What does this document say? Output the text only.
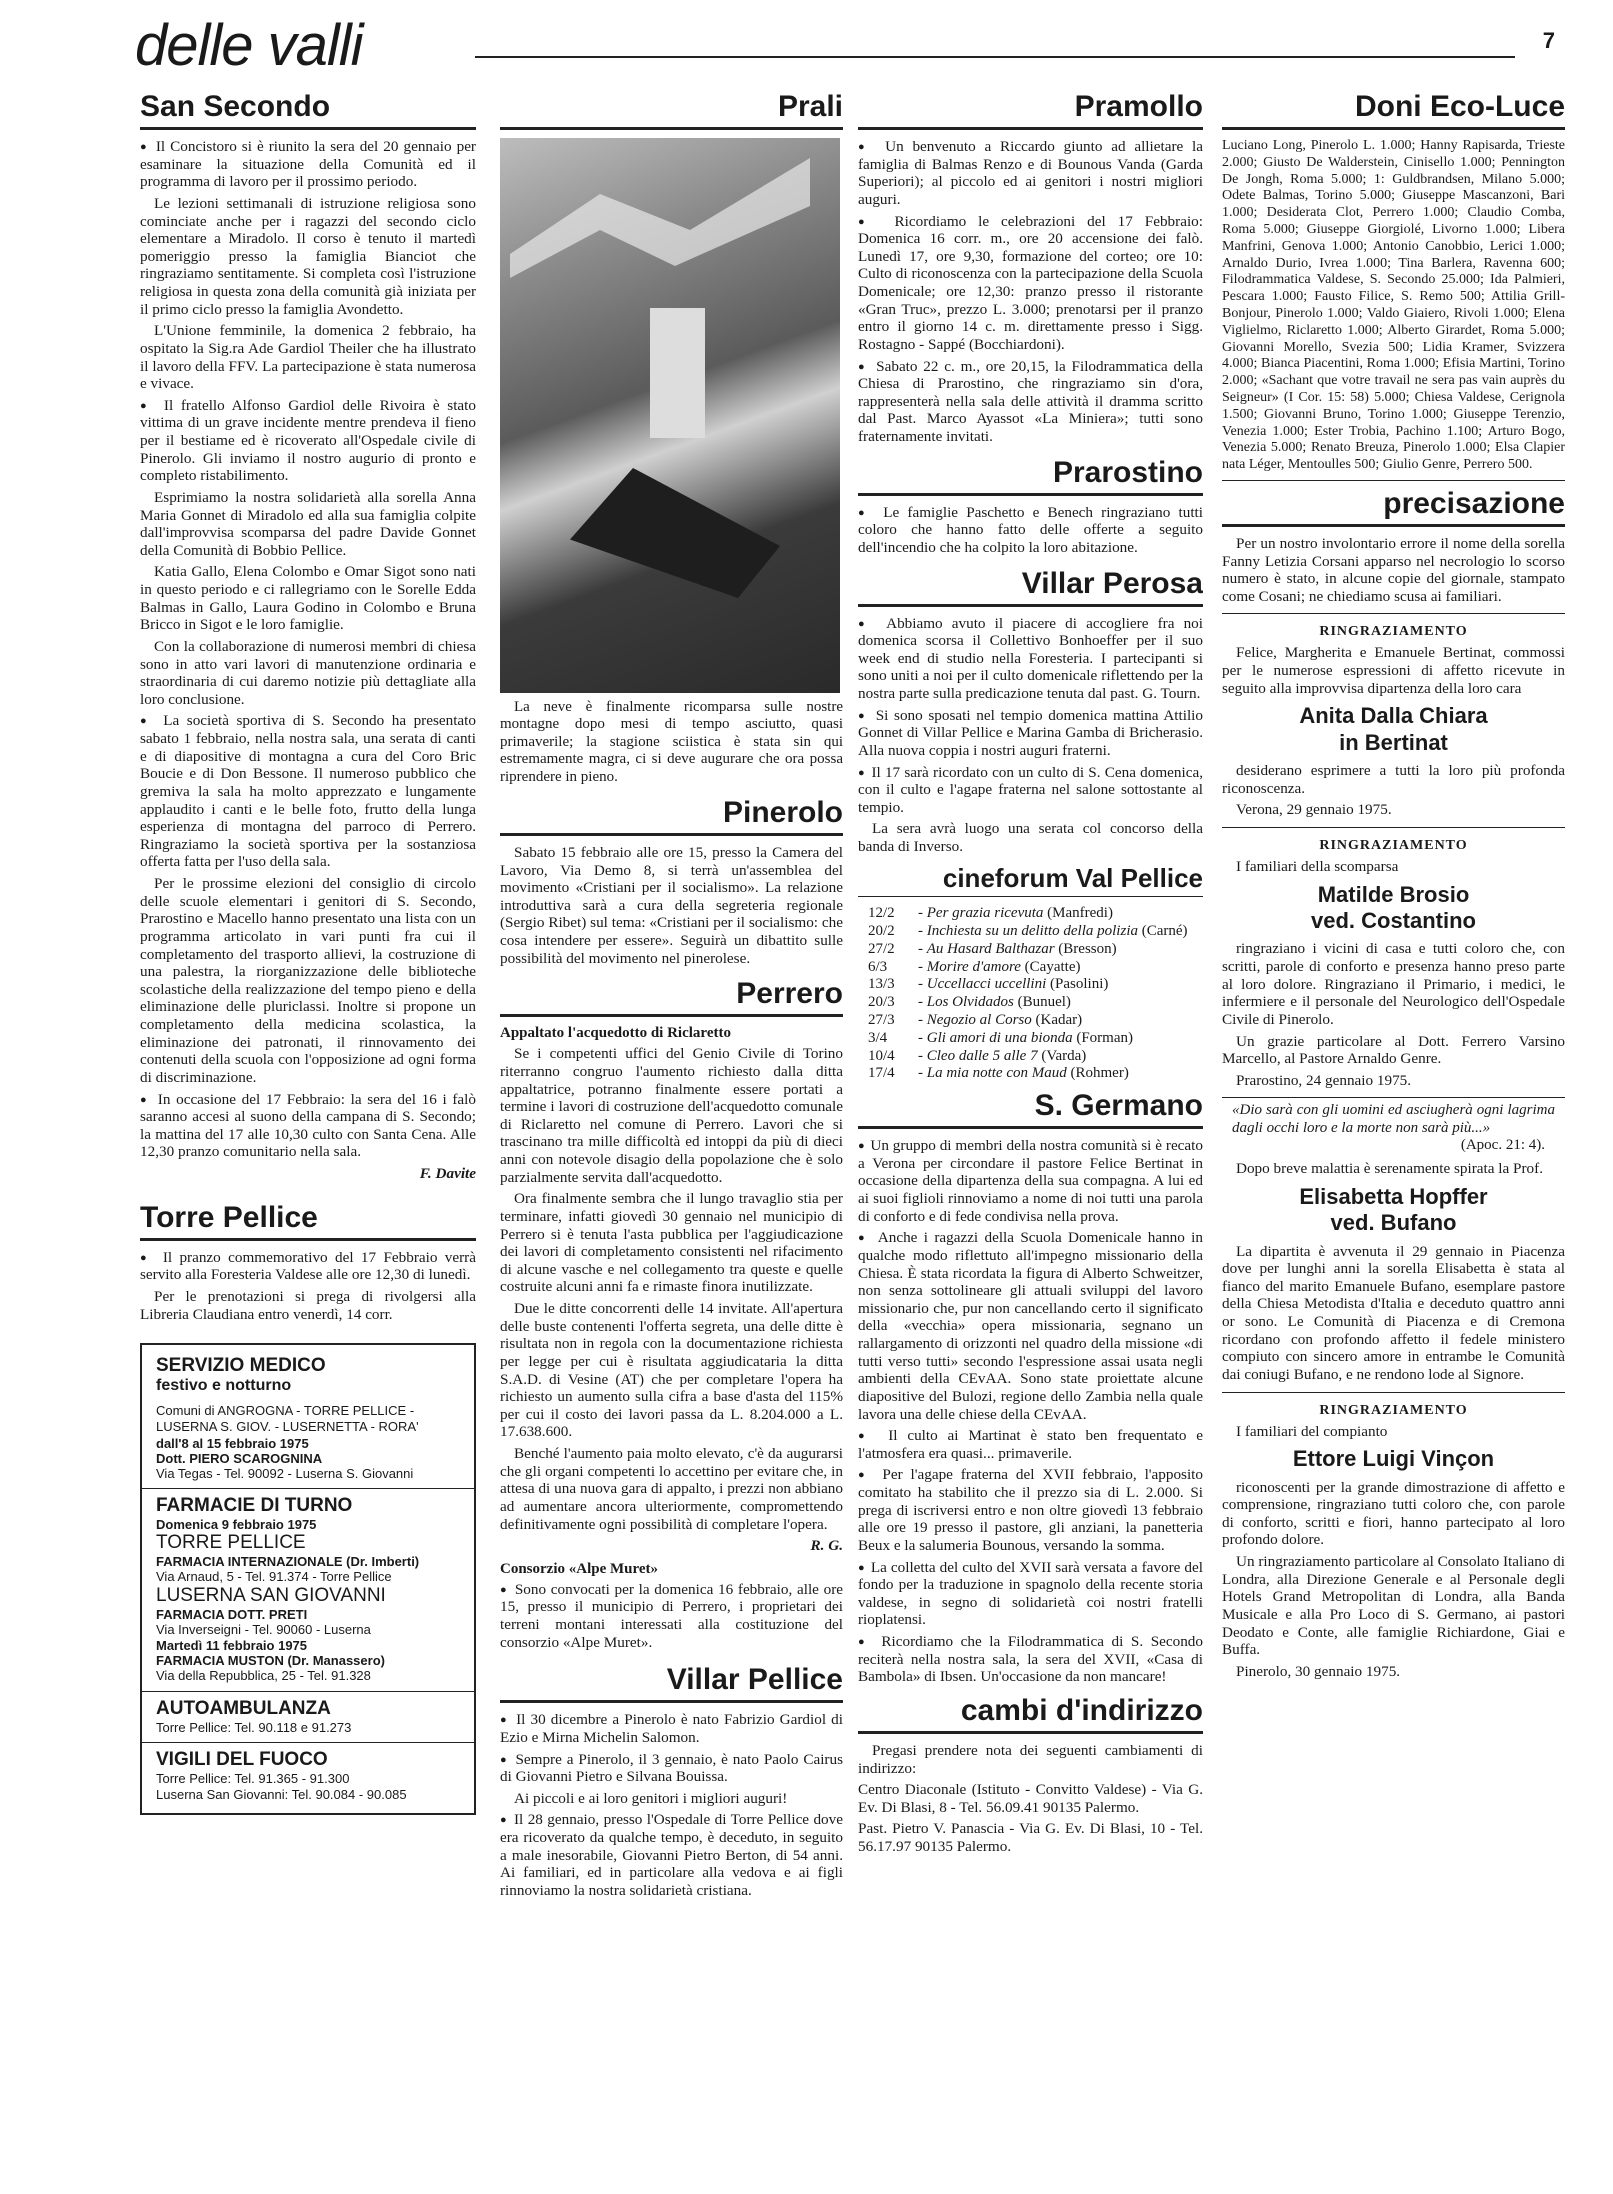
delle valli	7
San Secondo

●  Il Concistoro si è riunito la sera del 20 gennaio per esaminare la situazione della Comunità ed il programma di lavoro per il prossimo periodo.

Le lezioni settimanali di istruzione religiosa sono cominciate anche per i ragazzi del secondo ciclo elementare a Miradolo. Il corso è tenuto il martedì pomeriggio presso la famiglia Bianciot che ringraziamo sentitamente. Si completa così l'istruzione religiosa in questa zona della comunità già iniziata per il primo ciclo presso la famiglia Avondetto.

L'Unione femminile, la domenica 2 febbraio, ha ospitato la Sig.ra Ade Gardiol Theiler che ha illustrato il lavoro della FFV. La partecipazione è stata numerosa e vivace.

●  Il fratello Alfonso Gardiol delle Rivoira è stato vittima di un grave incidente mentre prendeva il fieno per il bestiame ed è ricoverato all'Ospedale civile di Pinerolo. Gli inviamo il nostro augurio di pronto e completo ristabilimento.

Esprimiamo la nostra solidarietà alla sorella Anna Maria Gonnet di Miradolo ed alla sua famiglia colpite dall'improvvisa scomparsa del padre Davide Gonnet della Comunità di Bobbio Pellice.

Katia Gallo, Elena Colombo e Omar Sigot sono nati in questo periodo e ci rallegriamo con le Sorelle Edda Balmas in Gallo, Laura Godino in Colombo e Bruna Bricco in Sigot e le loro famiglie.

Con la collaborazione di numerosi membri di chiesa sono in atto vari lavori di manutenzione ordinaria e straordinaria di cui daremo notizie più dettagliate alla loro conclusione.

●  La società sportiva di S. Secondo ha presentato sabato 1 febbraio, nella nostra sala, una serata di canti e di diapositive di montagna a cura del Coro Bric Boucie e di Don Bessone. Il numeroso pubblico che gremiva la sala ha molto apprezzato e lungamente applaudito i canti e le belle foto, frutto della lunga esperienza di montagna del parroco di Perrero. Ringraziamo la società sportiva per la sostanziosa offerta fatta per l'uso della sala.

Per le prossime elezioni del consiglio di circolo delle scuole elementari i genitori di S. Secondo, Prarostino e Macello hanno presentato una lista con un programma articolato in vari punti fra cui il completamento del trasporto allievi, la costruzione di una palestra, la riorganizzazione delle biblioteche scolastiche della realizzazione del tempo pieno e della eliminazione delle pluriclassi. Inoltre si propone un completamento della medicina scolastica, la eliminazione dei patronati, il rinnovamento dei contenuti della scuola con l'opposizione ad ogni forma di discriminazione.

●  In occasione del 17 Febbraio: la sera del 16 i falò saranno accesi al suono della campana di S. Secondo; la mattina del 17 alle 10,30 culto con Santa Cena. Alle 12,30 pranzo comunitario nella sala.

F. Davite

Torre Pellice

●  Il pranzo commemorativo del 17 Febbraio verrà servito alla Foresteria Valdese alle ore 12,30 di lunedì.

Per le prenotazioni si prega di rivolgersi alla Libreria Claudiana entro venerdì, 14 corr.

SERVIZIO MEDICO
festivo e notturno
Comuni di ANGROGNA - TORRE PELLICE - LUSERNA S. GIOV. - LUSERNETTA - RORA'
dall'8 al 15 febbraio 1975
Dott. PIERO SCAROGNINA
Via Tegas - Tel. 90092 - Luserna S. Giovanni
FARMACIE DI TURNO
Domenica 9 febbraio 1975
TORRE PELLICE
FARMACIA INTERNAZIONALE (Dr. Imberti)
Via Arnaud, 5 - Tel. 91.374 - Torre Pellice
LUSERNA SAN GIOVANNI
FARMACIA DOTT. PRETI
Via Inverseigni - Tel. 90060 - Luserna
Martedì 11 febbraio 1975
FARMACIA MUSTON (Dr. Manassero)
Via della Repubblica, 25 - Tel. 91.328
AUTOAMBULANZA
Torre Pellice: Tel. 90.118 e 91.273
VIGILI DEL FUOCO
Torre Pellice: Tel. 91.365 - 91.300
Luserna San Giovanni: Tel. 90.084 - 90.085
Prali
La neve è finalmente ricomparsa sulle nostre montagne dopo mesi di tempo asciutto, quasi primaverile; la stagione sciistica è stata sin qui estremamente magra, ci si deve augurare che ora possa riprendere in pieno.
Pinerolo

Sabato 15 febbraio alle ore 15, presso la Camera del Lavoro, Via Demo 8, si terrà un'assemblea del movimento «Cristiani per il socialismo». La relazione introduttiva sarà a cura della segreteria regionale (Sergio Ribet) sul tema: «Cristiani per il socialismo: che cosa intendere per essere». Seguirà un dibattito sulle possibilità del movimento nel pinerolese.

Perrero
Appaltato l'acquedotto di Riclaretto

Se i competenti uffici del Genio Civile di Torino riterranno congruo l'aumento richiesto dalla ditta appaltatrice, potranno finalmente essere portati a termine i lavori di costruzione dell'acquedotto comunale di Riclaretto nel comune di Perrero. Lavori che si trascinano tra mille difficoltà ed intoppi da più di dieci anni con notevole disagio della popolazione che è solo parzialmente servita dall'acquedotto.

Ora finalmente sembra che il lungo travaglio stia per terminare, infatti giovedì 30 gennaio nel municipio di Perrero si è tenuta l'asta pubblica per l'aggiudicazione dei lavori di completamento consistenti nel rifacimento di alcune vasche e nel collegamento tra queste e quelle costruite alcuni anni fa e rimaste finora inutilizzate.

Due le ditte concorrenti delle 14 invitate. All'apertura delle buste contenenti l'offerta segreta, una delle ditte è risultata non in regola con la documentazione richiesta per legge per cui è risultata aggiudicataria la ditta S.A.D. di Vesine (AT) che per completare l'opera ha richiesto un aumento sulla cifra a base d'asta del 115% per cui il costo dei lavori passa da L. 8.204.000 a L. 17.638.600.

Benché l'aumento paia molto elevato, c'è da augurarsi che gli organi competenti lo accettino per evitare che, in attesa di una nuova gara di appalto, i prezzi non abbiano ad aumentare ancora ulteriormente, compromettendo definitivamente ogni possibilità di completare l'opera.

R. G.

Consorzio «Alpe Muret»

●  Sono convocati per la domenica 16 febbraio, alle ore 15, presso il municipio di Perrero, i proprietari dei terreni montani interessati alla costituzione del consorzio «Alpe Muret».

Villar Pellice

●  Il 30 dicembre a Pinerolo è nato Fabrizio Gardiol di Ezio e Mirna Michelin Salomon.

●  Sempre a Pinerolo, il 3 gennaio, è nato Paolo Cairus di Giovanni Pietro e Silvana Bouissa.

Ai piccoli e ai loro genitori i migliori auguri!

●  Il 28 gennaio, presso l'Ospedale di Torre Pellice dove era ricoverato da qualche tempo, è deceduto, in seguito a male inesorabile, Giovanni Pietro Berton, di 54 anni. Ai familiari, ed in particolare alla vedova e ai figli rinnoviamo la nostra solidarietà cristiana.

Pramollo

●  Un benvenuto a Riccardo giunto ad allietare la famiglia di Balmas Renzo e di Bounous Vanda (Garda Superiori); al piccolo ed ai genitori i nostri migliori auguri.

●  Ricordiamo le celebrazioni del 17 Febbraio: Domenica 16 corr. m., ore 20 accensione dei falò. Lunedì 17, ore 9,30, formazione del corteo; ore 10: Culto di riconoscenza con la partecipazione della Scuola Domenicale; ore 12,30: pranzo presso il ristorante «Gran Truc», prezzo L. 3.000; prenotarsi per il pranzo entro il giorno 14 c. m. direttamente presso i Sigg. Rostagno - Sappé (Bocchiardoni).

●  Sabato 22 c. m., ore 20,15, la Filodrammatica della Chiesa di Prarostino, che ringraziamo sin d'ora, rappresenterà nella sala delle attività il dramma scritto dal Past. Marco Ayassot «La Miniera»; tutti sono fraternamente invitati.

Prarostino

●  Le famiglie Paschetto e Benech ringraziano tutti coloro che hanno fatto delle offerte a seguito dell'incendio che ha colpito la loro abitazione.

Villar Perosa

●  Abbiamo avuto il piacere di accogliere fra noi domenica scorsa il Collettivo Bonhoeffer per il suo week end di studio nella Foresteria. I partecipanti si sono uniti a noi per il culto domenicale riflettendo per la nostra parte sulla predicazione tenuta dal past. G. Tourn.

●  Si sono sposati nel tempio domenica mattina Attilio Gonnet di Villar Pellice e Marina Gamba di Bricherasio. Alla nuova coppia i nostri auguri fraterni.

●  Il 17 sarà ricordato con un culto di S. Cena domenica, con il culto e l'agape fraterna nel salone sottostante al tempio.

La sera avrà luogo una serata col concorso della banda di Inverso.

cineforum Val Pellice
12/2	- Per grazia ricevuta (Manfredi)
20/2	- Inchiesta su un delitto della polizia (Carné)
27/2	- Au Hasard Balthazar (Bresson)
6/3	- Morire d'amore (Cayatte)
13/3	- Uccellacci uccellini (Pasolini)
20/3	- Los Olvidados (Bunuel)
27/3	- Negozio al Corso (Kadar)
3/4	- Gli amori di una bionda (Forman)
10/4	- Cleo dalle 5 alle 7 (Varda)
17/4	- La mia notte con Maud (Rohmer)
S. Germano

●  Un gruppo di membri della nostra comunità si è recato a Verona per circondare il pastore Felice Bertinat in occasione della dipartenza della sua compagna. A lui ed ai suoi figlioli rinnoviamo a nome di noi tutti una parola di conforto e di fede condivisa nella prova.

●  Anche i ragazzi della Scuola Domenicale hanno in qualche modo riflettuto all'impegno missionario della Chiesa. È stata ricordata la figura di Alberto Schweitzer, non senza sottolineare gli attuali sviluppi del lavoro missionario che, pur non cancellando certo il significato della «vecchia» opera missionaria, segnano un rallargamento di orizzonti nel quadro della missione «di tutti verso tutti» secondo l'espressione assai usata negli ambienti della CEvAA. Sono state proiettate alcune diapositive del Bulozi, regione dello Zambia nella quale lavora una delle chiese della CEvAA.

●  Il culto ai Martinat è stato ben frequentato e l'atmosfera era quasi... primaverile.

●  Per l'agape fraterna del XVII febbraio, l'apposito comitato ha stabilito che il prezzo sia di L. 2.000. Si prega di iscriversi entro e non oltre giovedì 13 febbraio alle ore 19 presso il pastore, gli anziani, la panetteria Beux e la salumeria Bounous, versando la somma.

●  La colletta del culto del XVII sarà versata a favore del fondo per la traduzione in spagnolo della recente storia valdese, in segno di solidarietà coi nostri fratelli rioplatensi.

●  Ricordiamo che la Filodrammatica di S. Secondo reciterà nella nostra sala, la sera del XVII, «Casa di Bambola» di Ibsen. Un'occasione da non mancare!

cambi d'indirizzo

Pregasi prendere nota dei seguenti cambiamenti di indirizzo:

Centro Diaconale (Istituto - Convitto Valdese) - Via G. Ev. Di Blasi, 8 - Tel. 56.09.41 90135 Palermo.

Past. Pietro V. Panascia - Via G. Ev. Di Blasi, 10 - Tel. 56.17.97 90135 Palermo.

Doni Eco-Luce

Luciano Long, Pinerolo L. 1.000; Hanny Rapisarda, Trieste 2.000; Giusto De Walderstein, Cinisello 1.000; Pennington De Jongh, Roma 5.000; 1: Guldbrandsen, Milano 5.000; Odete Balmas, Torino 5.000; Giuseppe Mascanzoni, Bari 1.000; Desiderata Clot, Perrero 1.000; Claudio Comba, Roma 5.000; Giuseppe Giorgiolé, Livorno 1.000; Libera Manfrini, Genova 1.000; Antonio Canobbio, Lerici 1.000; Arnaldo Durio, Ivrea 1.000; Tina Barlera, Ravenna 600; Filodrammatica Valdese, S. Secondo 25.000; Ida Palmieri, Pescara 1.000; Fausto Filice, S. Remo 500; Attilia Grill-Bonjour, Pinerolo 1.000; Valdo Giaiero, Rivoli 1.000; Elena Viglielmo, Riclaretto 1.000; Alberto Girardet, Roma 5.000; Giovanni Morello, Svezia 500; Lidia Kramer, Svizzera 4.000; Bianca Piacentini, Roma 1.000; Efisia Martini, Torino 2.000; «Sachant que votre travail ne sera pas vain auprès du Seigneur» (I Cor. 15: 58) 5.000; Chiesa Valdese, Cerignola 1.500; Giovanni Bruno, Torino 1.000; Giuseppe Terenzio, Venezia 1.000; Ester Trobia, Pachino 1.100; Arturo Bogo, Venezia 5.000; Renato Breuza, Pinerolo 1.000; Elsa Clapier nata Léger, Mentoulles 500; Giulio Genre, Perrero 500.

precisazione

Per un nostro involontario errore il nome della sorella Fanny Letizia Corsani apparso nel necrologio lo scorso numero è stato, in alcune copie del giornale, stampato come Cosani; ne chiediamo scusa ai familiari.

RINGRAZIAMENTO

Felice, Margherita e Emanuele Bertinat, commossi per le numerose espressioni di affetto ricevute in seguito alla improvvisa dipartenza della loro cara

Anita Dalla Chiara
in Bertinat

desiderano esprimere a tutti la loro più profonda riconoscenza.

Verona, 29 gennaio 1975.

RINGRAZIAMENTO

I familiari della scomparsa

Matilde Brosio
ved. Costantino

ringraziano i vicini di casa e tutti coloro che, con scritti, parole di conforto e presenza hanno preso parte al loro dolore. Ringraziano il Primario, i medici, le infermiere e il personale del Neurologico dell'Ospedale Civile di Pinerolo.

Un grazie particolare al Dott. Ferrero Varsino Marcello, al Pastore Arnaldo Genre.

Prarostino, 24 gennaio 1975.

«Dio sarà con gli uomini ed asciugherà ogni lagrima dagli occhi loro e la morte non sarà più...»
(Apoc. 21: 4).

Dopo breve malattia è serenamente spirata la Prof.

Elisabetta Hopffer
ved. Bufano

La dipartita è avvenuta il 29 gennaio in Piacenza dove per lunghi anni la sorella Elisabetta è stata al fianco del marito Emanuele Bufano, esemplare pastore della Chiesa Metodista d'Italia e deceduto quattro anni or sono. Le Comunità di Piacenza e di Cremona ricordano con profondo affetto il fedele ministero compiuto con sincero amore in entrambe le Comunità dai coniugi Bufano, e ne rendono lode al Signore.

RINGRAZIAMENTO

I familiari del compianto

Ettore Luigi Vinçon

riconoscenti per la grande dimostrazione di affetto e comprensione, ringraziano tutti coloro che, con parole di conforto, scritti e fiori, hanno partecipato al loro profondo dolore.

Un ringraziamento particolare al Consolato Italiano di Londra, alla Direzione Generale e al Personale degli Hotels Grand Metropolitan di Londra, alla Banda Musicale e alla Pro Loco di S. Germano, ai pastori Deodato e Conte, alle famiglie Richiardone, Giai e Buffa.

Pinerolo, 30 gennaio 1975.
